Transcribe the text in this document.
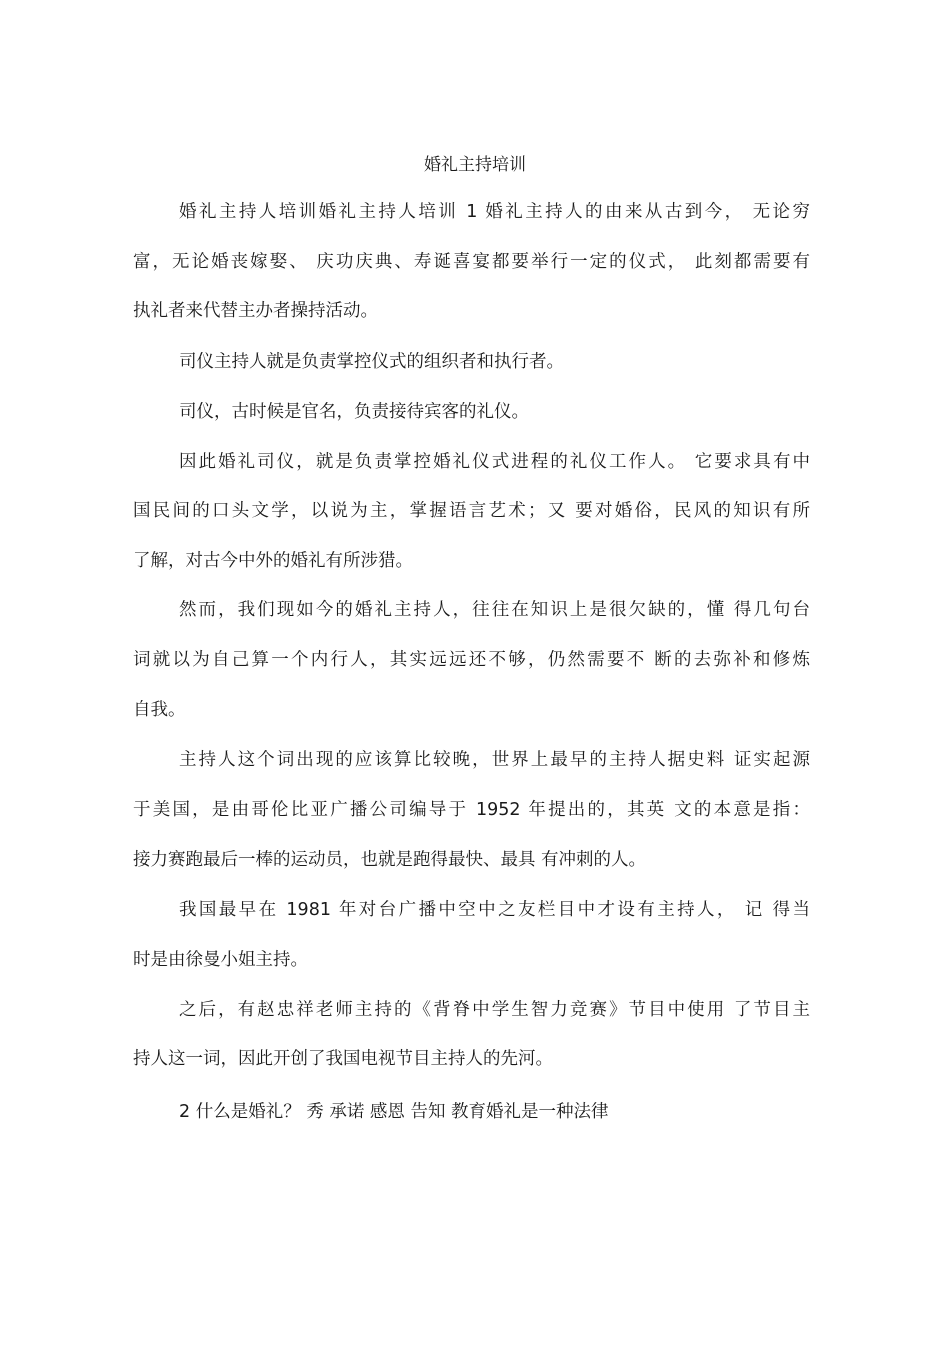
婚礼主持培训
婚礼主持人培训婚礼主持人培训 1 婚礼主持人的由来从古到今， 无论穷
富，无论婚丧嫁娶、 庆功庆典、寿诞喜宴都要举行一定的仪式， 此刻都需要有
执礼者来代替主办者操持活动。
司仪主持人就是负责掌控仪式的组织者和执行者。
司仪，古时候是官名，负责接待宾客的礼仪。
因此婚礼司仪，就是负责掌控婚礼仪式进程的礼仪工作人。 它要求具有中
国民间的口头文学，以说为主，掌握语言艺术；又 要对婚俗，民风的知识有所
了解，对古今中外的婚礼有所涉猎。
然而，我们现如今的婚礼主持人，往往在知识上是很欠缺的，懂 得几句台
词就以为自己算一个内行人，其实远远还不够，仍然需要不 断的去弥补和修炼
自我。
主持人这个词出现的应该算比较晚，世界上最早的主持人据史料 证实起源
于美国，是由哥伦比亚广播公司编导于 1952 年提出的，其英 文的本意是指：
接力赛跑最后一棒的运动员，也就是跑得最快、最具 有冲刺的人。
我国最早在 1981 年对台广播中空中之友栏目中才设有主持人， 记 得当
时是由徐曼小姐主持。
之后，有赵忠祥老师主持的《背脊中学生智力竞赛》节目中使用 了节目主
持人这一词，因此开创了我国电视节目主持人的先河。
2 什么是婚礼？ 秀 承诺 感恩 告知 教育婚礼是一种法律
